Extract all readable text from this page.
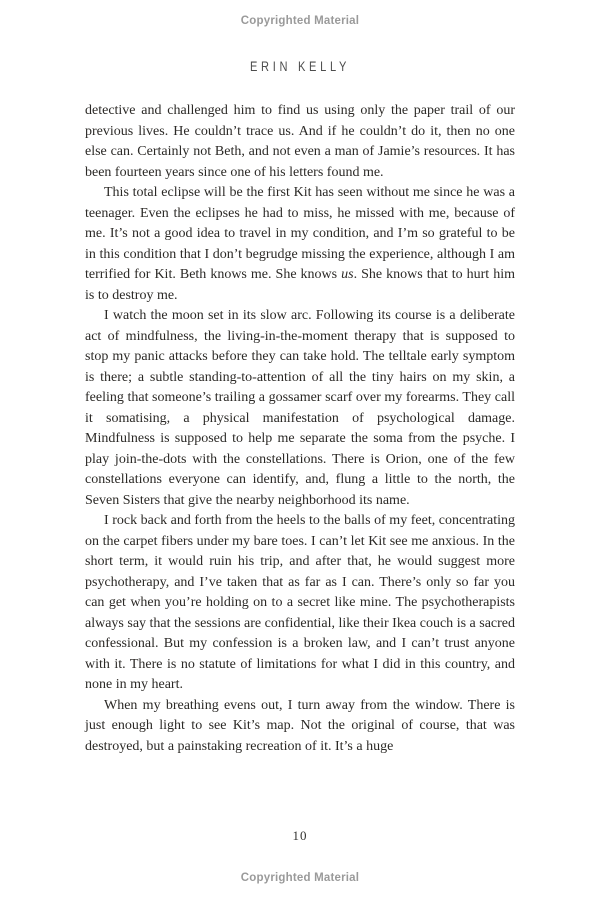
Copyrighted Material
ERIN KELLY

detective and challenged him to find us using only the paper trail of our previous lives. He couldn’t trace us. And if he couldn’t do it, then no one else can. Certainly not Beth, and not even a man of Jamie’s resources. It has been fourteen years since one of his letters found me.

This total eclipse will be the first Kit has seen without me since he was a teenager. Even the eclipses he had to miss, he missed with me, because of me. It’s not a good idea to travel in my condition, and I’m so grateful to be in this condition that I don’t begrudge missing the experience, although I am terrified for Kit. Beth knows me. She knows us. She knows that to hurt him is to destroy me.

I watch the moon set in its slow arc. Following its course is a deliberate act of mindfulness, the living-in-the-moment therapy that is supposed to stop my panic attacks before they can take hold. The telltale early symptom is there; a subtle standing-to-attention of all the tiny hairs on my skin, a feeling that someone’s trailing a gossamer scarf over my forearms. They call it somatising, a physical manifestation of psychological damage. Mindfulness is supposed to help me separate the soma from the psyche. I play join-the-dots with the constellations. There is Orion, one of the few constellations everyone can identify, and, flung a little to the north, the Seven Sisters that give the nearby neighborhood its name.

I rock back and forth from the heels to the balls of my feet, concentrating on the carpet fibers under my bare toes. I can’t let Kit see me anxious. In the short term, it would ruin his trip, and after that, he would suggest more psychotherapy, and I’ve taken that as far as I can. There’s only so far you can get when you’re holding on to a secret like mine. The psychotherapists always say that the sessions are confidential, like their Ikea couch is a sacred confessional. But my confession is a broken law, and I can’t trust anyone with it. There is no statute of limitations for what I did in this country, and none in my heart.

When my breathing evens out, I turn away from the window. There is just enough light to see Kit’s map. Not the original of course, that was destroyed, but a painstaking recreation of it. It’s a huge

10
Copyrighted Material
